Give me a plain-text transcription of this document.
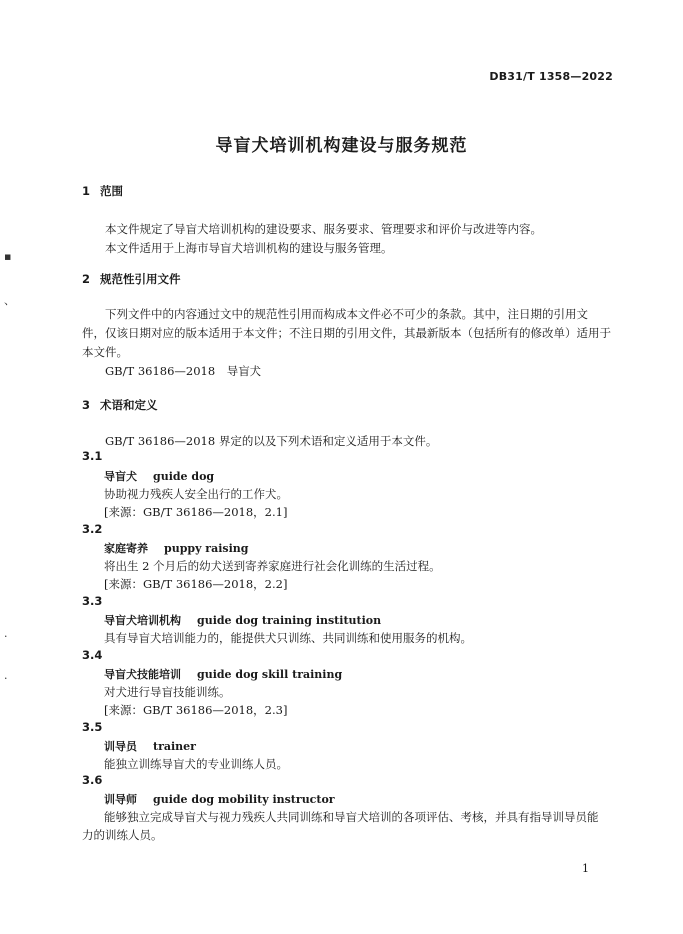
▪
、
·
·
DB31/T 1358—2022
导盲犬培训机构建设与服务规范
1 范围
本文件规定了导盲犬培训机构的建设要求、服务要求、管理要求和评价与改进等内容。
本文件适用于上海市导盲犬培训机构的建设与服务管理。
2 规范性引用文件
下列文件中的内容通过文中的规范性引用而构成本文件必不可少的条款。其中，注日期的引用文
件，仅该日期对应的版本适用于本文件；不注日期的引用文件，其最新版本（包括所有的修改单）适用于
本文件。
GB/T 36186—2018　导盲犬
3 术语和定义
GB/T 36186—2018 界定的以及下列术语和定义适用于本文件。
3.1
导盲犬 guide dog
协助视力残疾人安全出行的工作犬。
[来源：GB/T 36186—2018，2.1]
3.2
家庭寄养 puppy raising
将出生 2 个月后的幼犬送到寄养家庭进行社会化训练的生活过程。
[来源：GB/T 36186—2018，2.2]
3.3
导盲犬培训机构 guide dog training institution
具有导盲犬培训能力的，能提供犬只训练、共同训练和使用服务的机构。
3.4
导盲犬技能培训 guide dog skill training
对犬进行导盲技能训练。
[来源：GB/T 36186—2018，2.3]
3.5
训导员 trainer
能独立训练导盲犬的专业训练人员。
3.6
训导师 guide dog mobility instructor
能够独立完成导盲犬与视力残疾人共同训练和导盲犬培训的各项评估、考核，并具有指导训导员能
力的训练人员。
1
